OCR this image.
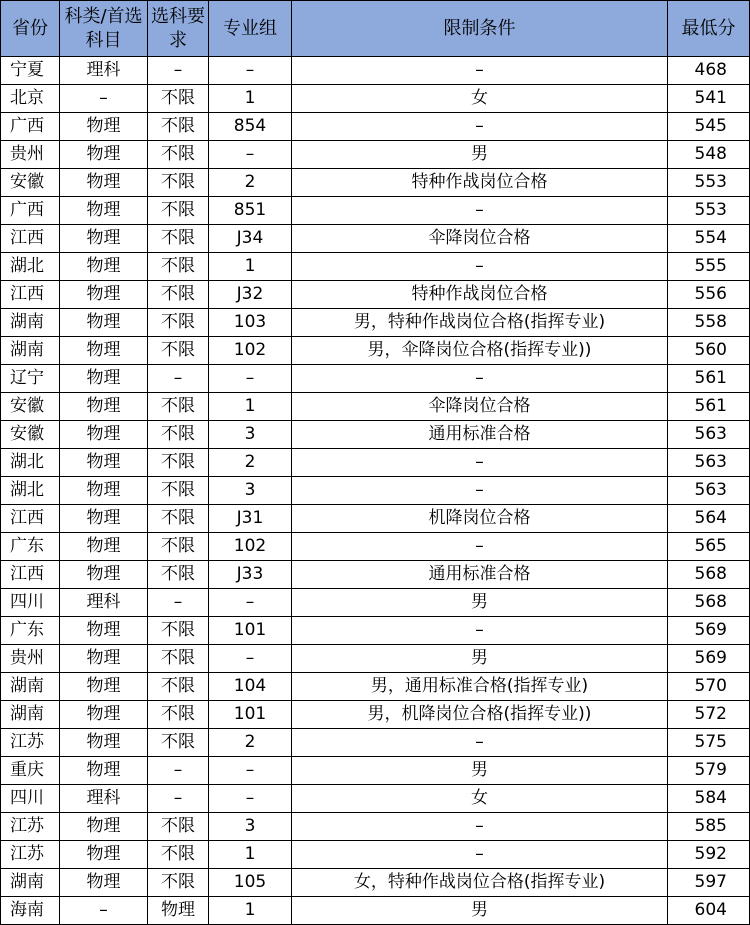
省份	科类/首选科目	选科要求	专业组	限制条件	最低分
宁夏	理科	–	–	–	468
北京	–	不限	1	女	541
广西	物理	不限	854	–	545
贵州	物理	不限	–	男	548
安徽	物理	不限	2	特种作战岗位合格	553
广西	物理	不限	851	–	553
江西	物理	不限	J34	伞降岗位合格	554
湖北	物理	不限	1	–	555
江西	物理	不限	J32	特种作战岗位合格	556
湖南	物理	不限	103	男，特种作战岗位合格(指挥专业)	558
湖南	物理	不限	102	男，伞降岗位合格(指挥专业))	560
辽宁	物理	–	–	–	561
安徽	物理	不限	1	伞降岗位合格	561
安徽	物理	不限	3	通用标准合格	563
湖北	物理	不限	2	–	563
湖北	物理	不限	3	–	563
江西	物理	不限	J31	机降岗位合格	564
广东	物理	不限	102	–	565
江西	物理	不限	J33	通用标准合格	568
四川	理科	–	–	男	568
广东	物理	不限	101	–	569
贵州	物理	不限	–	男	569
湖南	物理	不限	104	男，通用标准合格(指挥专业)	570
湖南	物理	不限	101	男，机降岗位合格(指挥专业))	572
江苏	物理	不限	2	–	575
重庆	物理	–	–	男	579
四川	理科	–	–	女	584
江苏	物理	不限	3	–	585
江苏	物理	不限	1	–	592
湖南	物理	不限	105	女，特种作战岗位合格(指挥专业)	597
海南	–	物理	1	男	604
